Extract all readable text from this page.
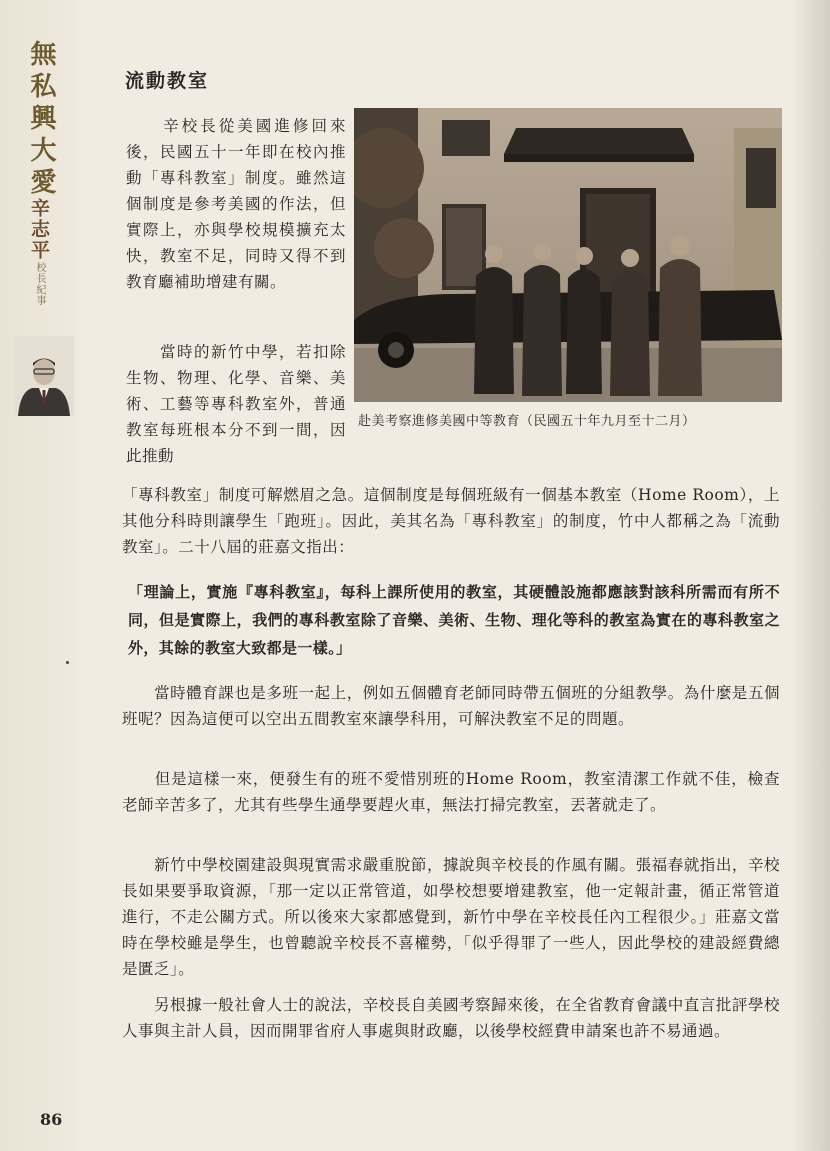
無私興大愛
辛志平
校長紀事
流動教室

　　辛校長從美國進修回來後，民國五十一年即在校內推動「專科教室」制度。雖然這個制度是參考美國的作法，但實際上，亦與學校規模擴充太快，教室不足，同時又得不到教育廳補助增建有關。

　　當時的新竹中學，若扣除生物、物理、化學、音樂、美術、工藝等專科教室外，普通教室每班根本分不到一間，因此推動

「專科教室」制度可解燃眉之急。這個制度是每個班級有一個基本教室（Home Room），上其他分科時則讓學生「跑班」。因此，美其名為「專科教室」的制度，竹中人都稱之為「流動教室」。二十八屆的莊嘉文指出：

赴美考察進修美國中等教育（民國五十年九月至十二月）

「理論上，實施『專科教室』，每科上課所使用的教室，其硬體設施都應該對該科所需而有所不同，但是實際上，我們的專科教室除了音樂、美術、生物、理化等科的教室為實在的專科教室之外，其餘的教室大致都是一樣。」

　　當時體育課也是多班一起上，例如五個體育老師同時帶五個班的分組教學。為什麼是五個班呢？因為這便可以空出五間教室來讓學科用，可解決教室不足的問題。

　　但是這樣一來，便發生有的班不愛惜別班的Home Room，教室清潔工作就不佳，檢查老師辛苦多了，尤其有些學生通學要趕火車，無法打掃完教室，丟著就走了。

　　新竹中學校園建設與現實需求嚴重脫節，據說與辛校長的作風有關。張福春就指出，辛校長如果要爭取資源，「那一定以正常管道，如學校想要增建教室，他一定報計畫，循正常管道進行，不走公關方式。所以後來大家都感覺到，新竹中學在辛校長任內工程很少。」莊嘉文當時在學校雖是學生，也曾聽說辛校長不喜權勢，「似乎得罪了一些人，因此學校的建設經費總是匱乏」。

　　另根據一般社會人士的說法，辛校長自美國考察歸來後，在全省教育會議中直言批評學校人事與主計人員，因而開罪省府人事處與財政廳，以後學校經費申請案也許不易通過。

86
